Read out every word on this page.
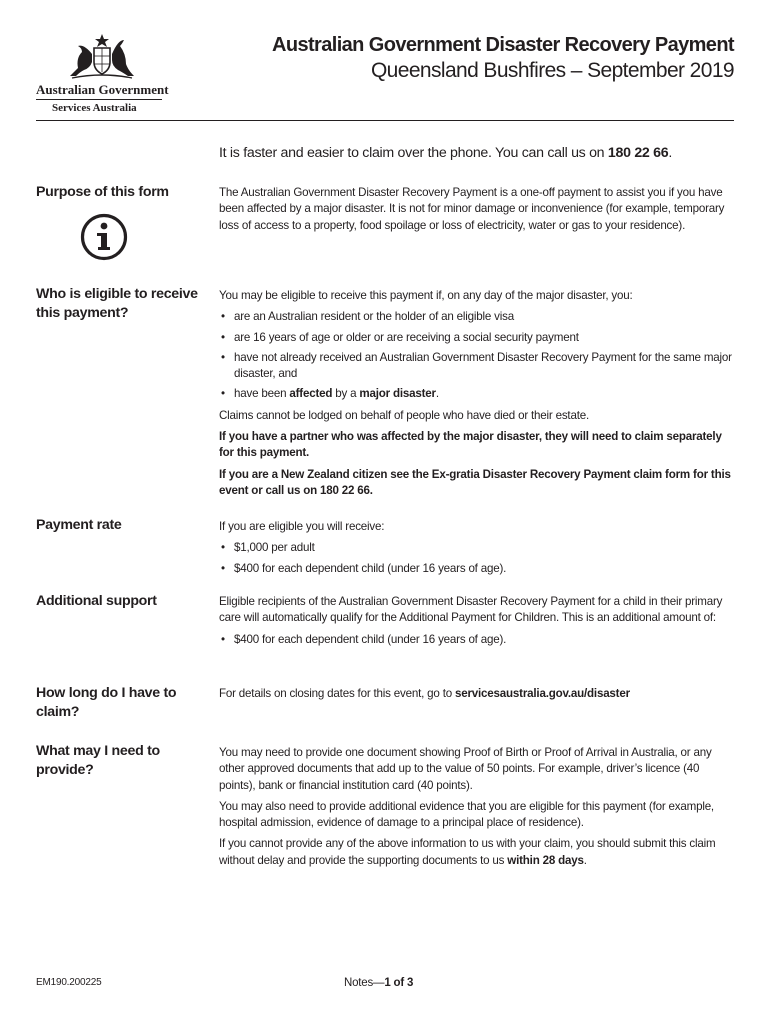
Australian Government
Services Australia
Australian Government Disaster Recovery Payment
Queensland Bushfires – September 2019
It is faster and easier to claim over the phone. You can call us on 180 22 66.
Purpose of this form	The Australian Government Disaster Recovery Payment is a one-off payment to assist you if you have been affected by a major disaster. It is not for minor damage or inconvenience (for example, temporary loss of access to a property, food spoilage or loss of electricity, water or gas to your residence).

Who is eligible to receive this payment?

You may be eligible to receive this payment if, on any day of the major disaster, you:

• are an Australian resident or the holder of an eligible visa
• are 16 years of age or older or are receiving a social security payment
• have not already received an Australian Government Disaster Recovery Payment for the same major disaster, and
• have been affected by a major disaster.

Claims cannot be lodged on behalf of people who have died or their estate.

If you have a partner who was affected by the major disaster, they will need to claim separately for this payment.

If you are a New Zealand citizen see the Ex-gratia Disaster Recovery Payment claim form for this event or call us on 180 22 66.

Payment rate	If you are eligible you will receive:

• $1,000 per adult
• $400 for each dependent child (under 16 years of age).
Additional support	Eligible recipients of the Australian Government Disaster Recovery Payment for a child in their primary care will automatically qualify for the Additional Payment for Children. This is an additional amount of:

• $400 for each dependent child (under 16 years of age).
How long do I have to claim?

For details on closing dates for this event, go to servicesaustralia.gov.au/disaster

What may I need to provide?

You may need to provide one document showing Proof of Birth or Proof of Arrival in Australia, or any other approved documents that add up to the value of 50 points. For example, driver’s licence (40 points), bank or financial institution card (40 points).

You may also need to provide additional evidence that you are eligible for this payment (for example, hospital admission, evidence of damage to a principal place of residence).

If you cannot provide any of the above information to us with your claim, you should submit this claim without delay and provide the supporting documents to us within 28 days.

EM190.200225	Notes—1 of 3
